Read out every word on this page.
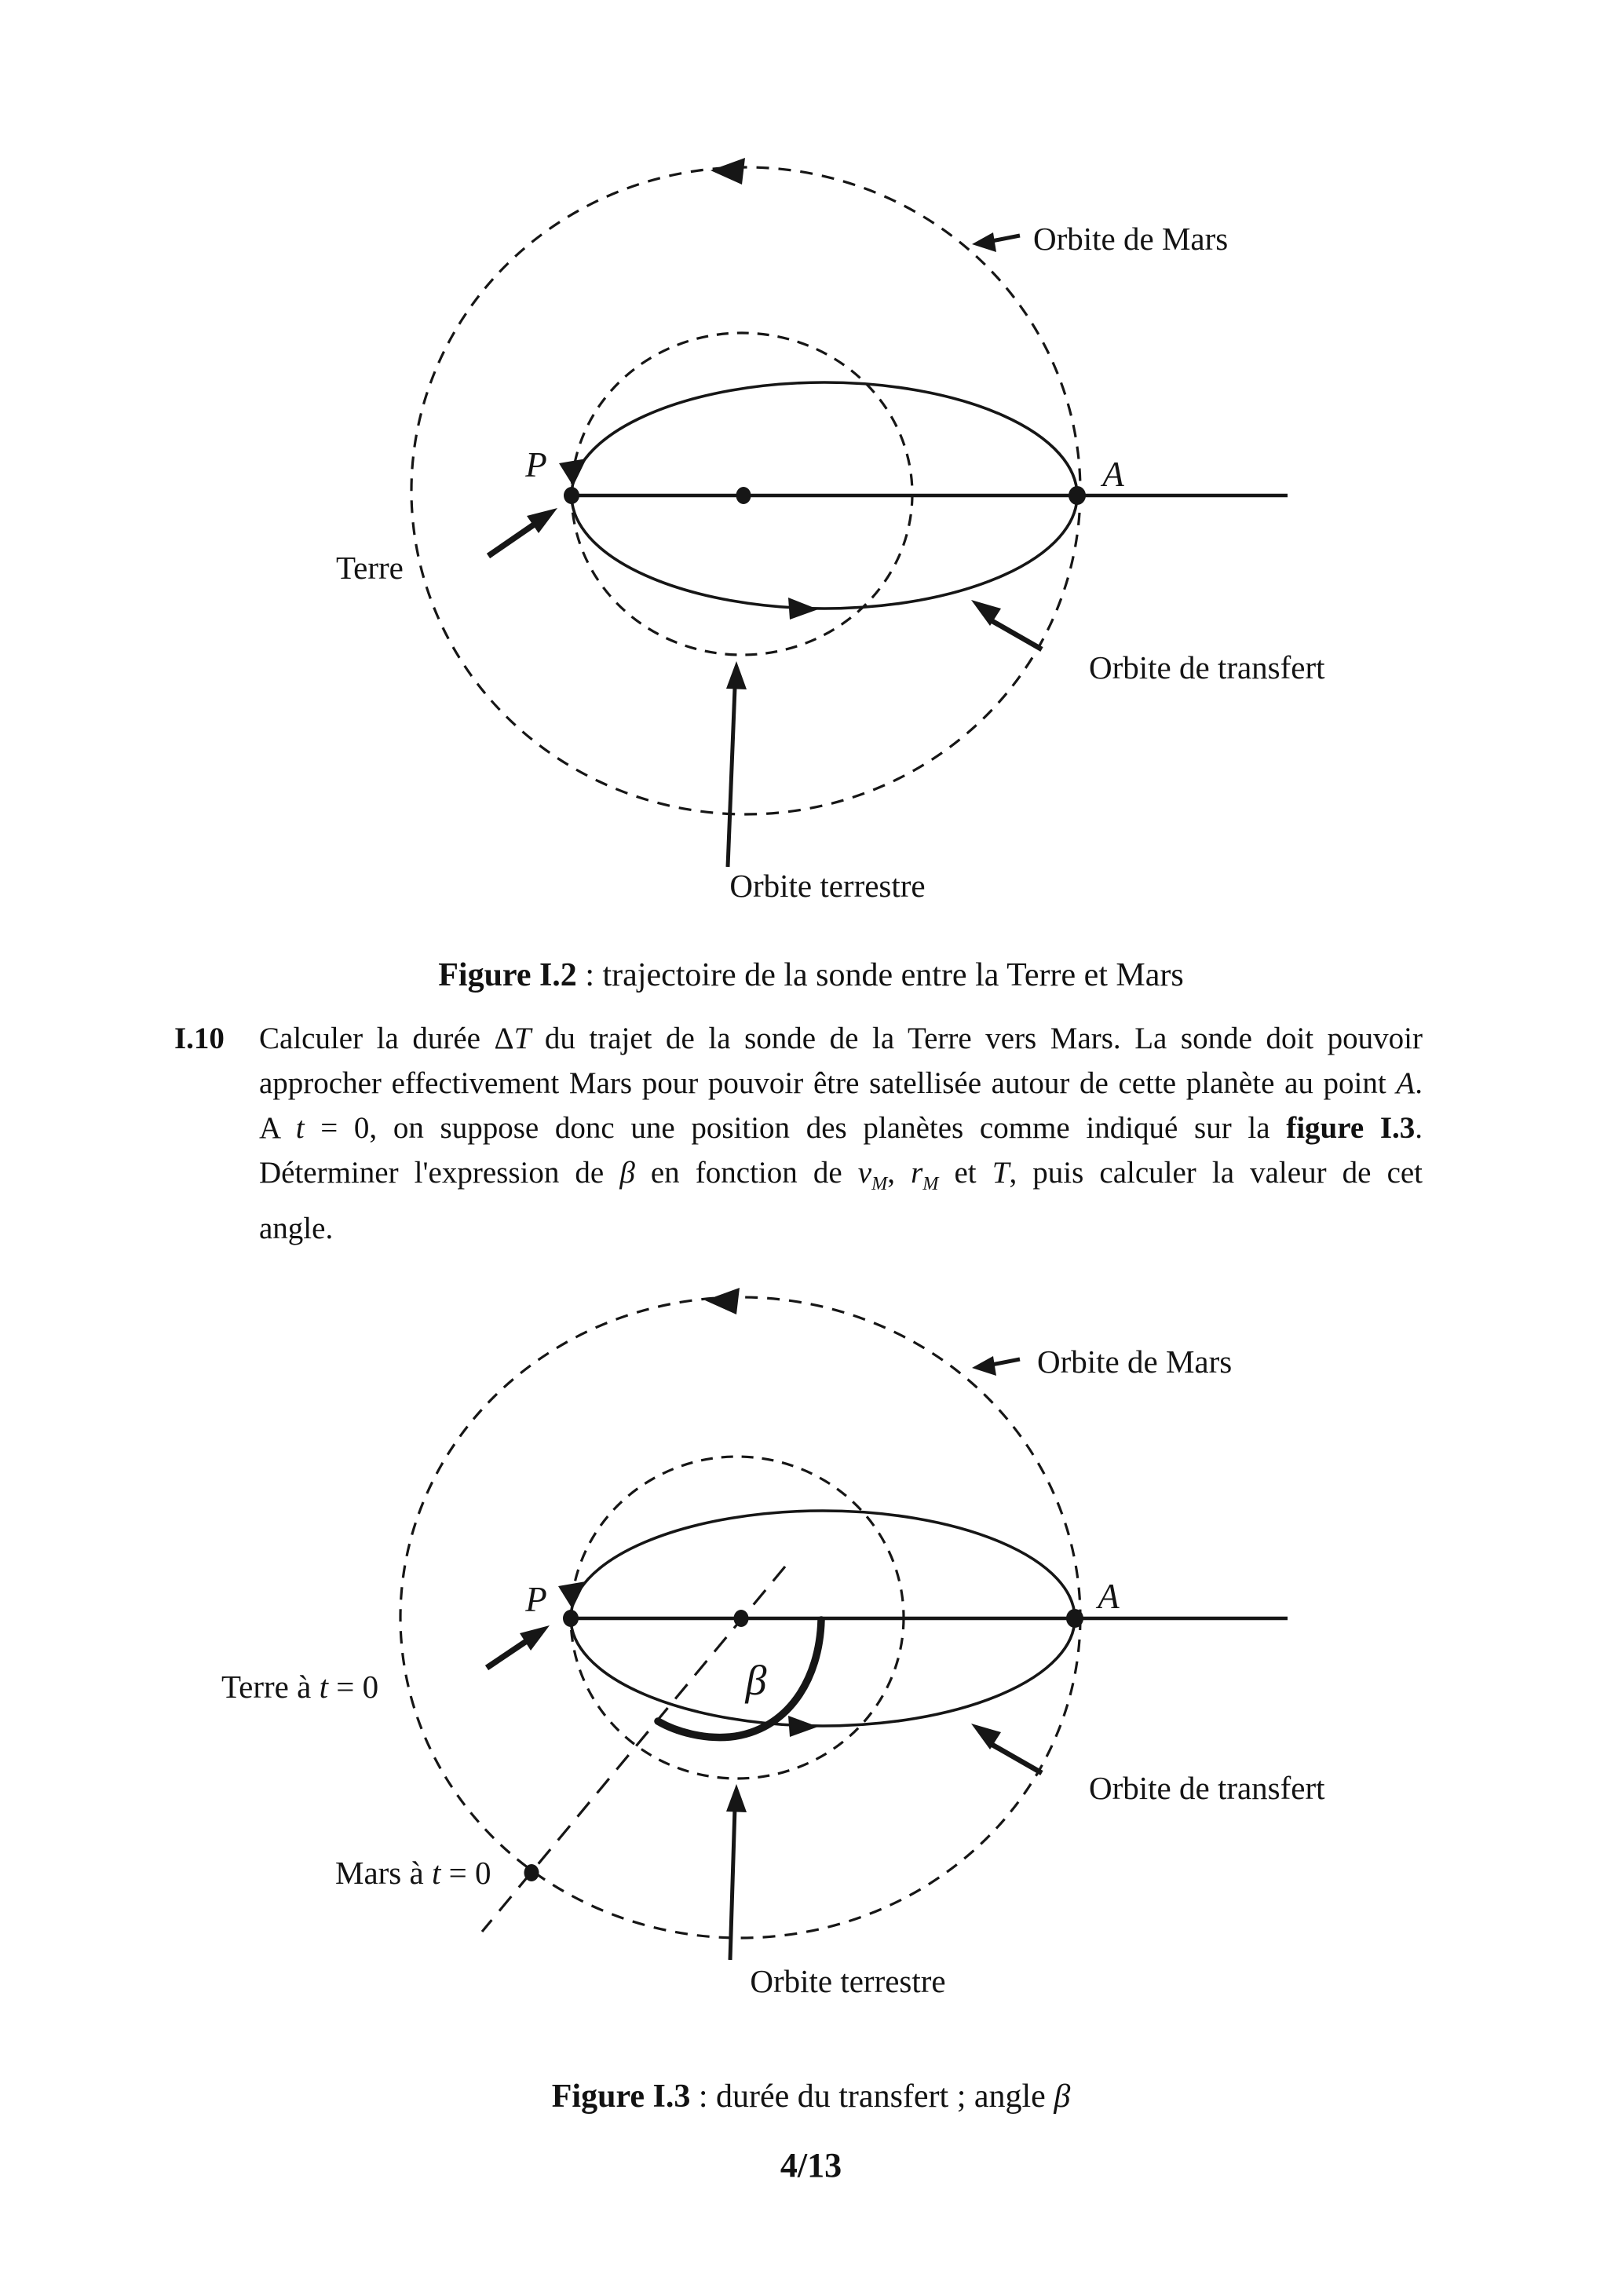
P	A
Terre
Orbite de Mars
Orbite de transfert
Orbite terrestre
P	A
β
Terre à t = 0
Mars à t = 0
Orbite de Mars
Orbite de transfert
Orbite terrestre
Figure I.2 : trajectoire de la sonde entre la Terre et Mars
I.10 Calculer la durée ΔT du trajet de la sonde de la Terre vers Mars. La sonde doit pouvoir
approcher effectivement Mars pour pouvoir être satellisée autour de cette planète au point A.
A t = 0, on suppose donc une position des planètes comme indiqué sur la figure I.3.
Déterminer l'expression de β en fonction de $v_M$, $r_M$ et T, puis calculer la valeur de cet
angle.
Figure I.3 : durée du transfert ; angle β
4/13
